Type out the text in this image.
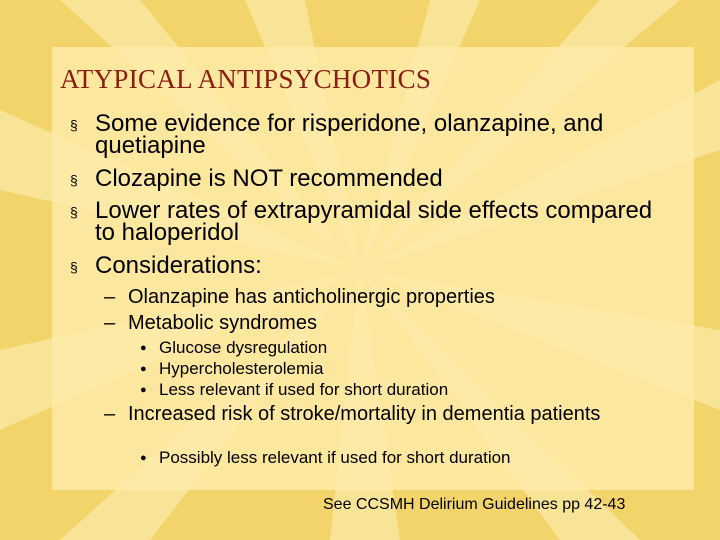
ATYPICAL ANTIPSYCHOTICS
§ Some evidence for risperidone, olanzapine, and quetiapine
§ Clozapine is NOT recommended
§ Lower rates of extrapyramidal side effects compared to haloperidol
§ Considerations:
– Olanzapine has anticholinergic properties
– Metabolic syndromes
● Glucose dysregulation
● Hypercholesterolemia
● Less relevant if used for short duration
– Increased risk of stroke/mortality in dementia patients
● Possibly less relevant if used for short duration
See CCSMH Delirium Guidelines pp 42-43
